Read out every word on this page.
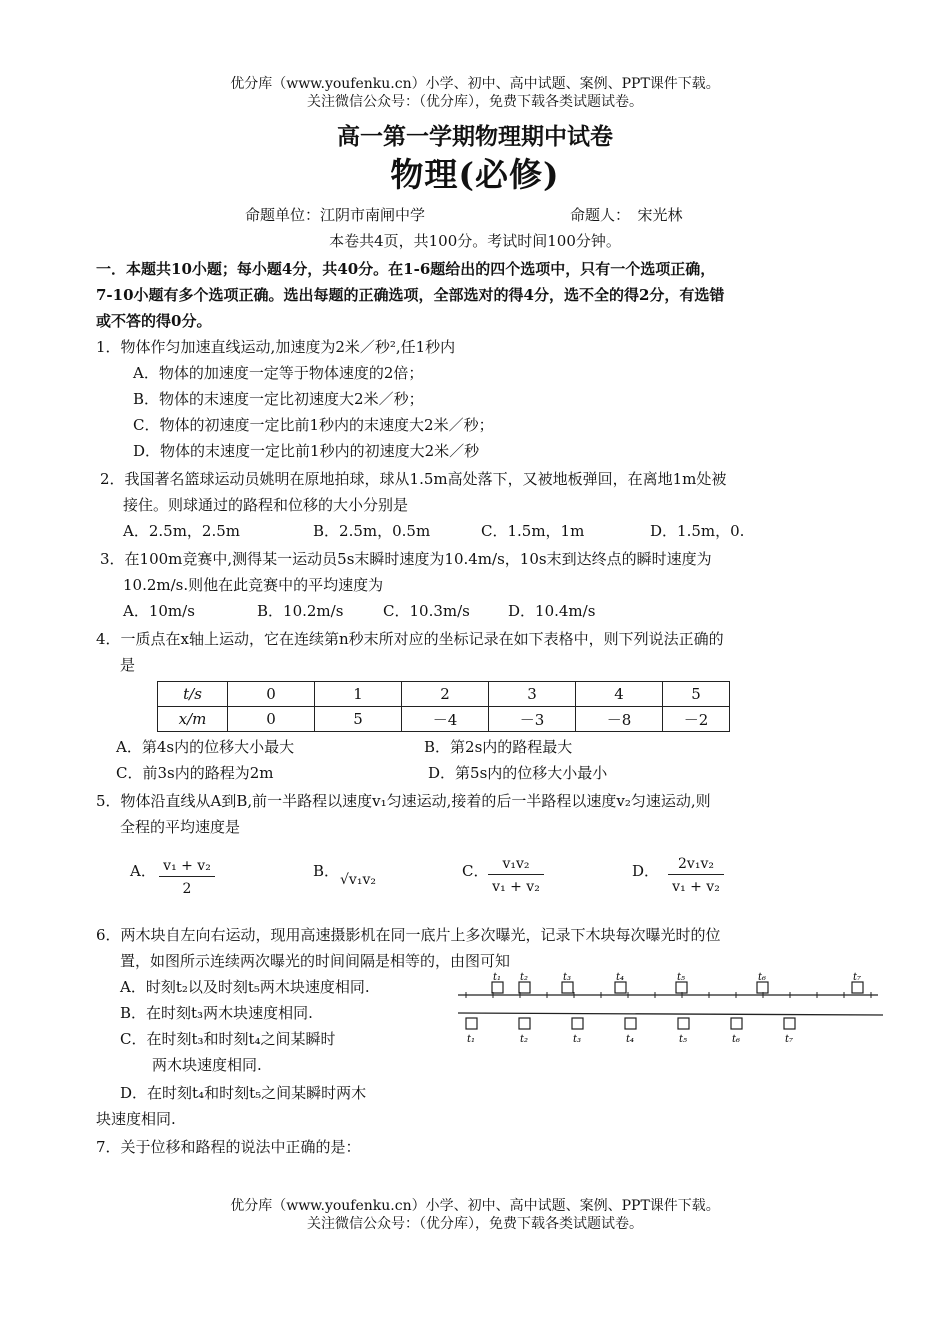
优分库（www.youfenku.cn）小学、初中、高中试题、案例、PPT课件下载。
关注微信公众号：（优分库），免费下载各类试题试卷。
高一第一学期物理期中试卷
物理(必修)
命题单位：江阴市南闸中学	命题人：　宋光林
本卷共4页，共100分。考试时间100分钟。
一．本题共10小题；每小题4分，共40分。在1-6题给出的四个选项中，只有一个选项正确，
7-10小题有多个选项正确。选出每题的正确选项，全部选对的得4分，选不全的得2分，有选错
或不答的得0分。
1．物体作匀加速直线运动,加速度为2米／秒²,任1秒内
A．物体的加速度一定等于物体速度的2倍；
B．物体的末速度一定比初速度大2米／秒；
C．物体的初速度一定比前1秒内的末速度大2米／秒；
D．物体的末速度一定比前1秒内的初速度大2米／秒
2．我国著名篮球运动员姚明在原地拍球，球从1.5m高处落下，又被地板弹回，在离地1m处被
接住。则球通过的路程和位移的大小分别是
A．2.5m，2.5m	B．2.5m，0.5m	C．1.5m，1m	D．1.5m，0.
3．在100m竞赛中,测得某一运动员5s末瞬时速度为10.4m/s，10s末到达终点的瞬时速度为
10.2m/s.则他在此竞赛中的平均速度为
A．10m/s	B．10.2m/s	C．10.3m/s	D．10.4m/s
4．一质点在x轴上运动，它在连续第n秒末所对应的坐标记录在如下表格中，则下列说法正确的
是
t/s	0	1	2	3	4	5
x/m	0	5	－4	－3	－8	－2
A．第4s内的位移大小最大	B．第2s内的路程最大
C．前3s内的路程为2m	D．第5s内的位移大小最小
5．物体沿直线从A到B,前一半路程以速度v₁匀速运动,接着的后一半路程以速度v₂匀速运动,则
全程的平均速度是
A． $\frac{\text{v₁ + v₂}}{2}$	B． √v₁v₂	C． $\frac{\text{v₁v₂}}{\text{v₁ + v₂}}$	D． $\frac{\text{2v₁v₂}}{\text{v₁ + v₂}}$
6．两木块自左向右运动，现用高速摄影机在同一底片上多次曝光，记录下木块每次曝光时的位
置，如图所示连续两次曝光的时间间隔是相等的，由图可知
A．时刻t₂以及时刻t₅两木块速度相同.
B．在时刻t₃两木块速度相同.
C．在时刻t₃和时刻t₄之间某瞬时
两木块速度相同.
D．在时刻t₄和时刻t₅之间某瞬时两木
块速度相同.
t₁ t₂	t₃	t₄	t₅	t₆	t₇
t₁	t₂	t₃	t₄	t₅	t₆	t₇
7．关于位移和路程的说法中正确的是：
优分库（www.youfenku.cn）小学、初中、高中试题、案例、PPT课件下载。
关注微信公众号：（优分库），免费下载各类试题试卷。
